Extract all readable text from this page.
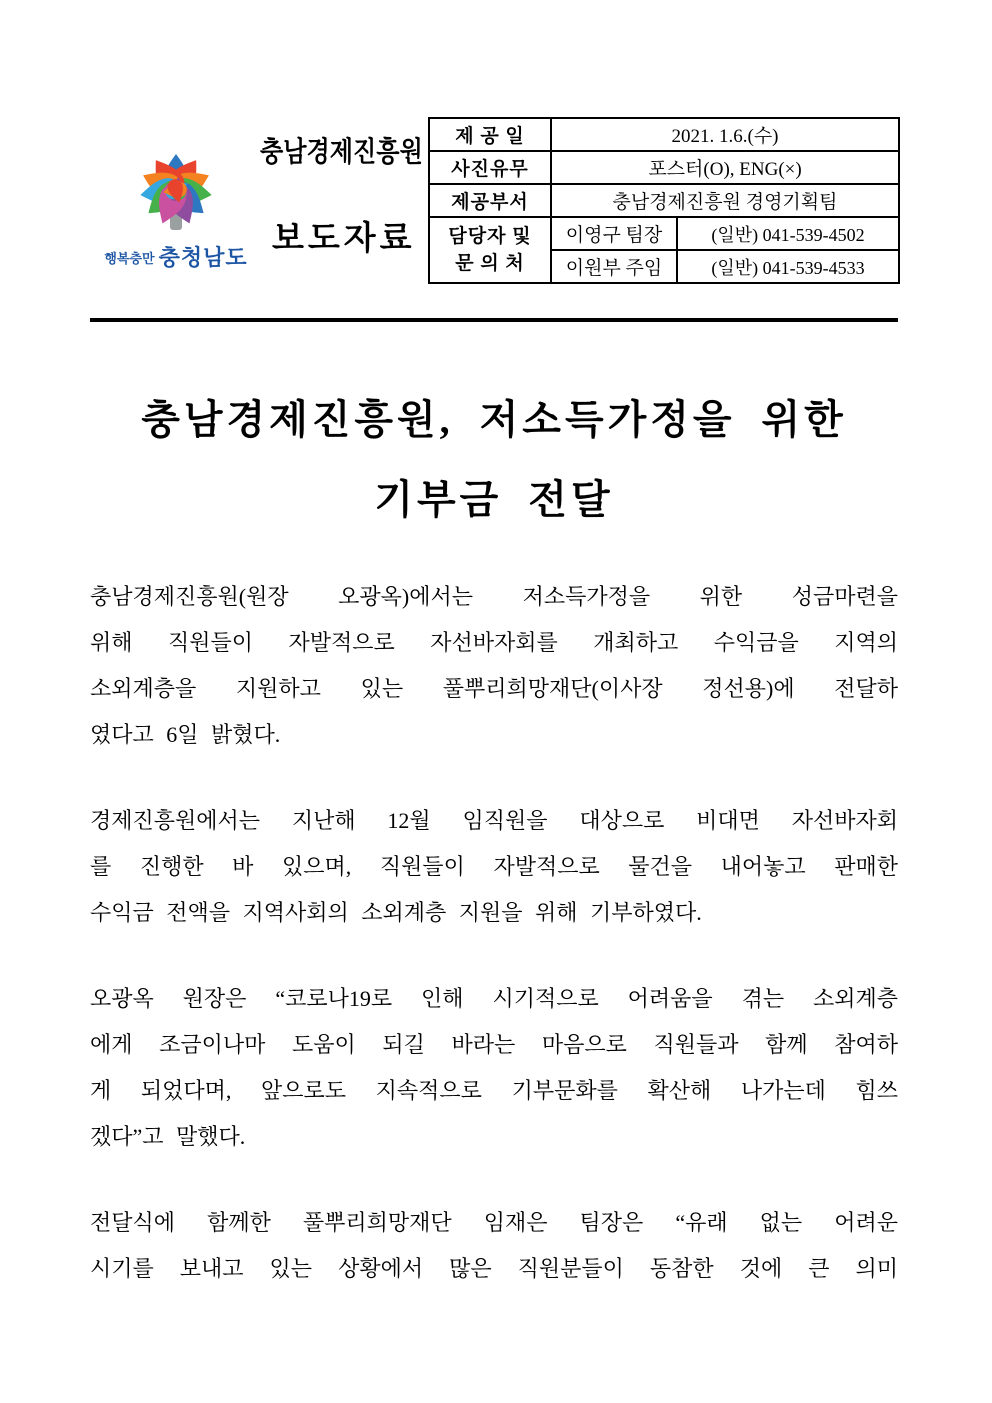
행복충만 충청남도
충남경제진흥원
보도자료
제 공 일	2021. 1.6.(수)	
사진유무	포스터(O), ENG(×)	
제공부서	충남경제진흥원 경영기획팀	

담당자 및
문 의 처	이영구 팀장	(일반) 041-539-4502
	이원부 주임	(일반) 041-539-4533
충남경제진흥원, 저소득가정을 위한
기부금 전달
충남경제진흥원(원장 오광옥)에서는 저소득가정을 위한 성금마련을
위해 직원들이 자발적으로 자선바자회를 개최하고 수익금을 지역의
소외계층을 지원하고 있는 풀뿌리희망재단(이사장 정선용)에 전달하
였다고 6일 밝혔다.
경제진흥원에서는 지난해 12월 임직원을 대상으로 비대면 자선바자회
를 진행한 바 있으며, 직원들이 자발적으로 물건을 내어놓고 판매한
수익금 전액을 지역사회의 소외계층 지원을 위해 기부하였다.
오광옥 원장은 “코로나19로 인해 시기적으로 어려움을 겪는 소외계층
에게 조금이나마 도움이 되길 바라는 마음으로 직원들과 함께 참여하
게 되었다며, 앞으로도 지속적으로 기부문화를 확산해 나가는데 힘쓰
겠다”고 말했다.
전달식에 함께한 풀뿌리희망재단 임재은 팀장은 “유래 없는 어려운
시기를 보내고 있는 상황에서 많은 직원분들이 동참한 것에 큰 의미
